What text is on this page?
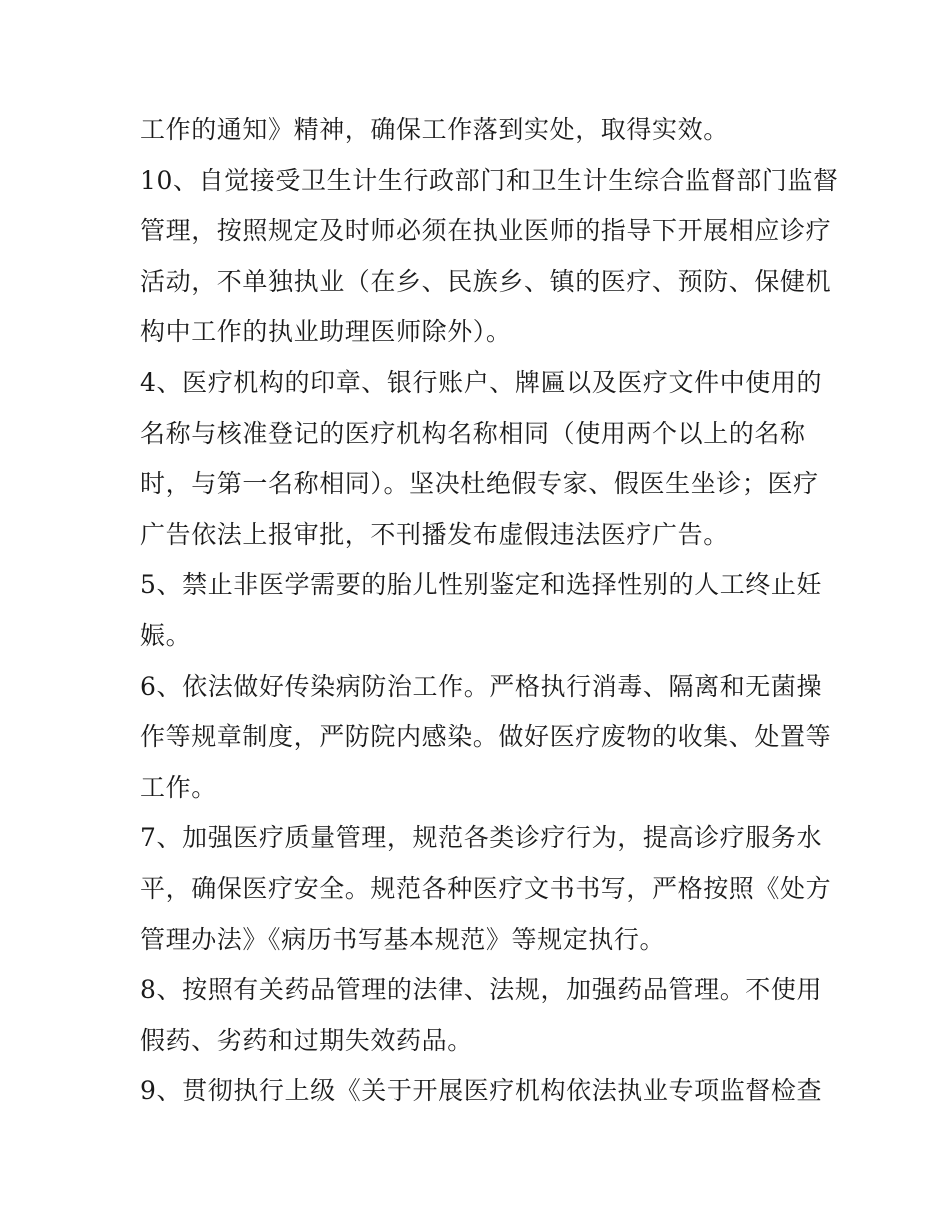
工作的通知》精神，确保工作落到实处，取得实效。
10、自觉接受卫生计生行政部门和卫生计生综合监督部门监督
管理，按照规定及时师必须在执业医师的指导下开展相应诊疗
活动，不单独执业（在乡、民族乡、镇的医疗、预防、保健机
构中工作的执业助理医师除外）。
4、医疗机构的印章、银行账户、牌匾以及医疗文件中使用的
名称与核准登记的医疗机构名称相同（使用两个以上的名称
时，与第一名称相同）。坚决杜绝假专家、假医生坐诊；医疗
广告依法上报审批，不刊播发布虚假违法医疗广告。
5、禁止非医学需要的胎儿性别鉴定和选择性别的人工终止妊
娠。
6、依法做好传染病防治工作。严格执行消毒、隔离和无菌操
作等规章制度，严防院内感染。做好医疗废物的收集、处置等
工作。
7、加强医疗质量管理，规范各类诊疗行为，提高诊疗服务水
平，确保医疗安全。规范各种医疗文书书写，严格按照《处方
管理办法》《病历书写基本规范》等规定执行。
8、按照有关药品管理的法律、法规，加强药品管理。不使用
假药、劣药和过期失效药品。
9、贯彻执行上级《关于开展医疗机构依法执业专项监督检查
